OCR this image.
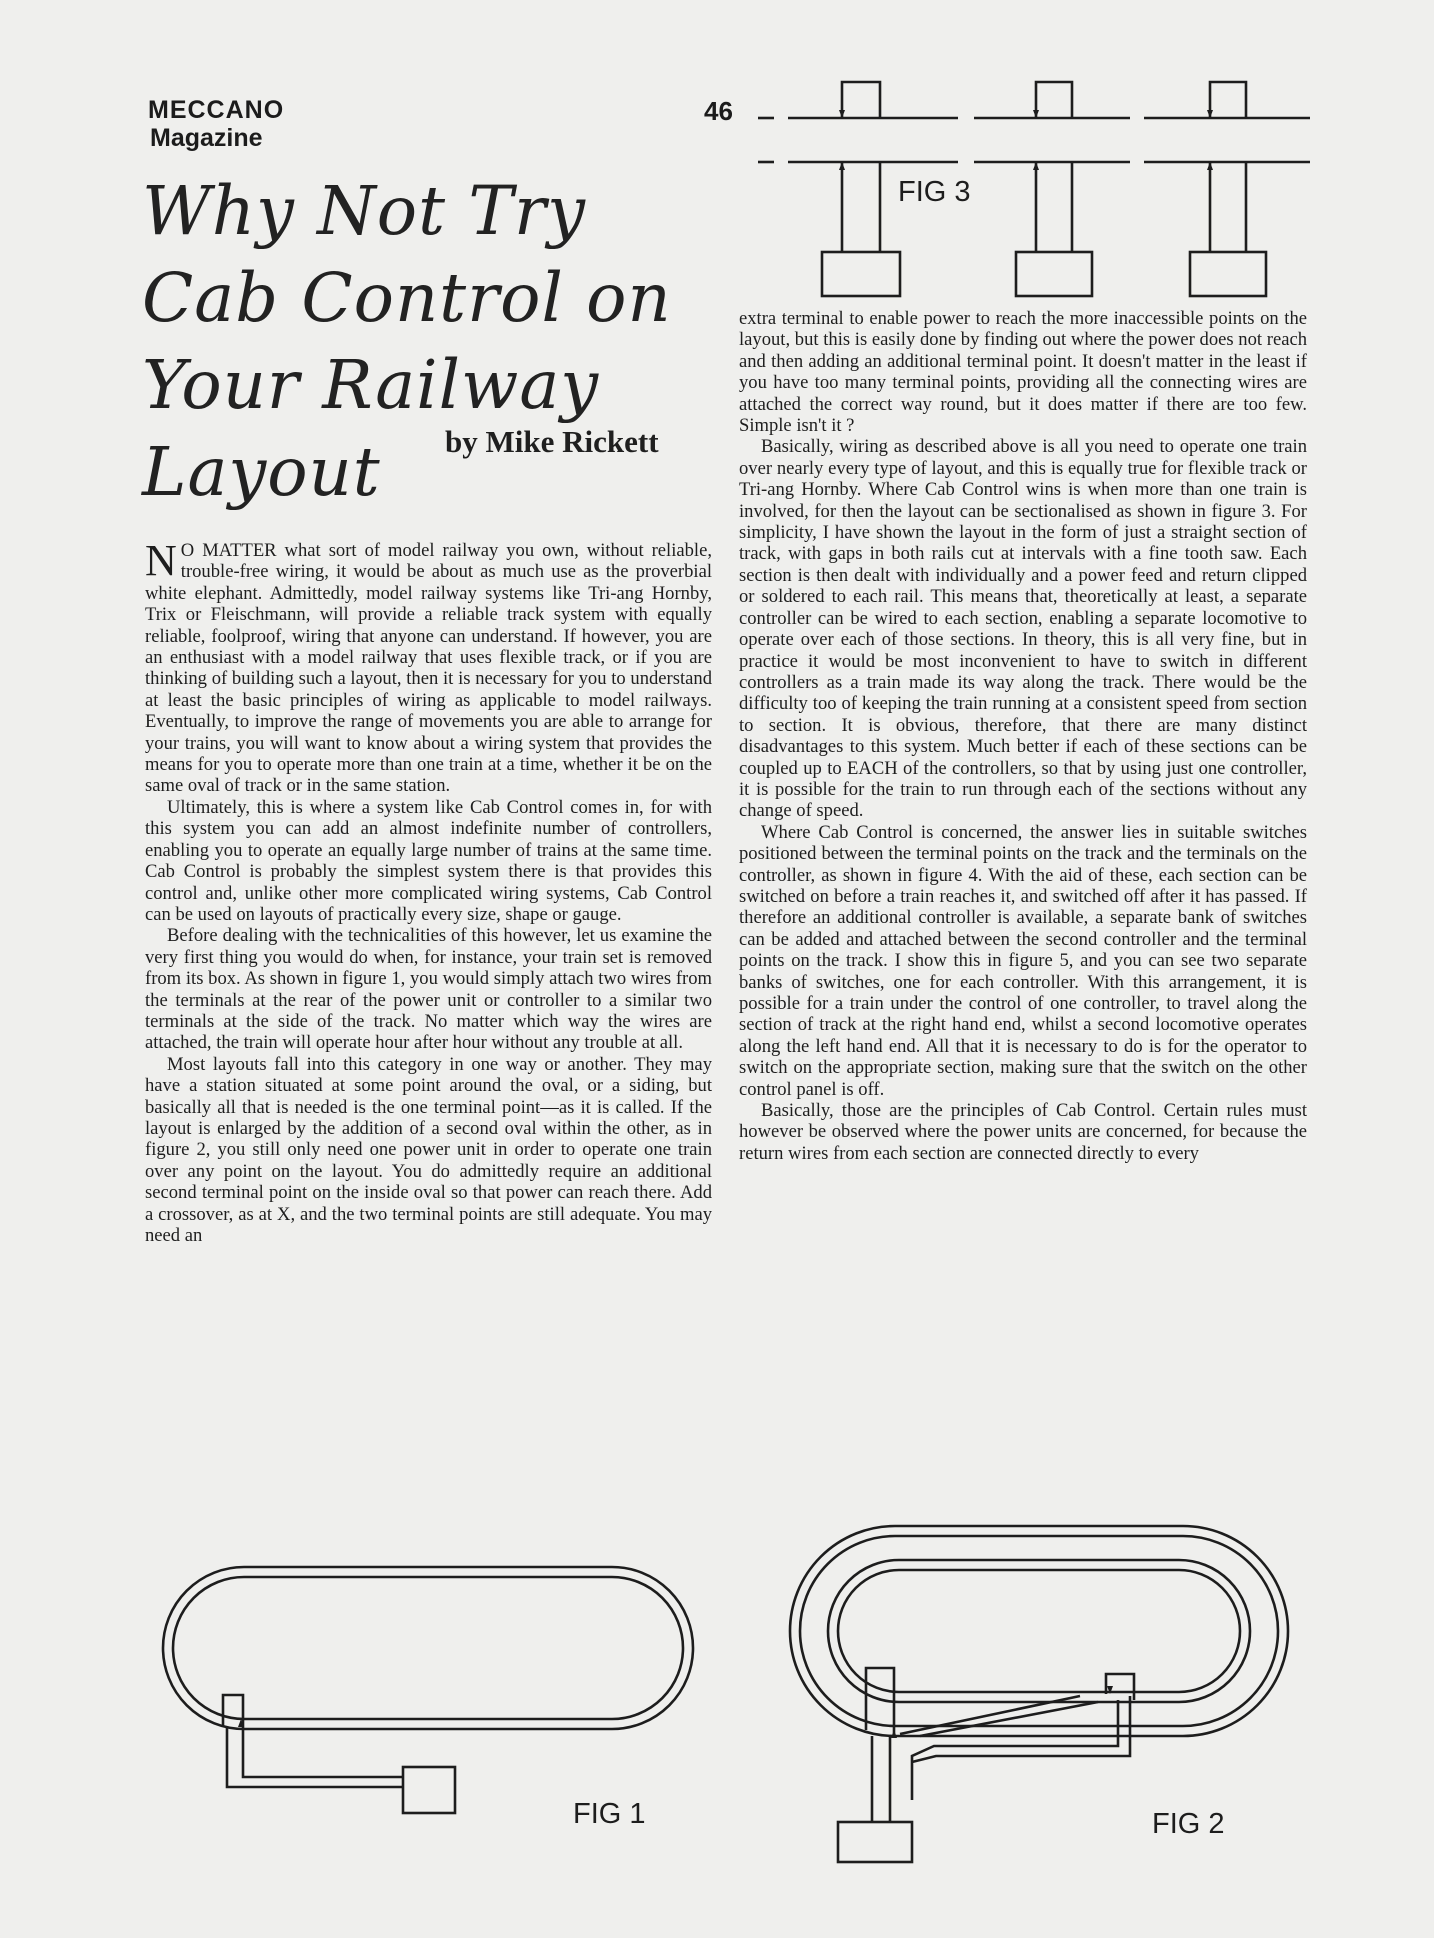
MECCANO
Magazine
46
Why Not Try
Cab Control on
Your Railway
Layout	by Mike Rickett
FIG 3

N O MATTER what sort of model railway you own, without reliable, trouble-free wiring, it would be about as much use as the proverbial white elephant. Admittedly, model railway systems like Tri-ang Hornby, Trix or Fleischmann, will provide a reliable track system with equally reliable, foolproof, wiring that anyone can understand. If however, you are an enthusiast with a model railway that uses flexible track, or if you are thinking of building such a layout, then it is necessary for you to understand at least the basic principles of wiring as applicable to model railways. Eventually, to improve the range of movements you are able to arrange for your trains, you will want to know about a wiring system that provides the means for you to operate more than one train at a time, whether it be on the same oval of track or in the same station.

Ultimately, this is where a system like Cab Control comes in, for with this system you can add an almost indefinite number of controllers, enabling you to operate an equally large number of trains at the same time. Cab Control is probably the simplest system there is that provides this control and, unlike other more complicated wiring systems, Cab Control can be used on layouts of practically every size, shape or gauge.

Before dealing with the technicalities of this however, let us examine the very first thing you would do when, for instance, your train set is removed from its box. As shown in figure 1, you would simply attach two wires from the terminals at the rear of the power unit or controller to a similar two terminals at the side of the track. No matter which way the wires are attached, the train will operate hour after hour without any trouble at all.

Most layouts fall into this category in one way or another. They may have a station situated at some point around the oval, or a siding, but basically all that is needed is the one terminal point—as it is called. If the layout is enlarged by the addition of a second oval within the other, as in figure 2, you still only need one power unit in order to operate one train over any point on the layout. You do admittedly require an additional second terminal point on the inside oval so that power can reach there. Add a crossover, as at X, and the two terminal points are still adequate. You may need an

extra terminal to enable power to reach the more inaccessible points on the layout, but this is easily done by finding out where the power does not reach and then adding an additional terminal point. It doesn't matter in the least if you have too many terminal points, providing all the connecting wires are attached the correct way round, but it does matter if there are too few. Simple isn't it ?

Basically, wiring as described above is all you need to operate one train over nearly every type of layout, and this is equally true for flexible track or Tri-ang Hornby. Where Cab Control wins is when more than one train is involved, for then the layout can be sectionalised as shown in figure 3. For simplicity, I have shown the layout in the form of just a straight section of track, with gaps in both rails cut at intervals with a fine tooth saw. Each section is then dealt with individually and a power feed and return clipped or soldered to each rail. This means that, theoretically at least, a separate controller can be wired to each section, enabling a separate locomotive to operate over each of those sections. In theory, this is all very fine, but in practice it would be most inconvenient to have to switch in different controllers as a train made its way along the track. There would be the difficulty too of keeping the train running at a consistent speed from section to section. It is obvious, therefore, that there are many distinct disadvantages to this system. Much better if each of these sections can be coupled up to EACH of the controllers, so that by using just one controller, it is possible for the train to run through each of the sections without any change of speed.

Where Cab Control is concerned, the answer lies in suitable switches positioned between the terminal points on the track and the terminals on the controller, as shown in figure 4. With the aid of these, each section can be switched on before a train reaches it, and switched off after it has passed. If therefore an additional controller is available, a separate bank of switches can be added and attached between the second controller and the terminal points on the track. I show this in figure 5, and you can see two separate banks of switches, one for each controller. With this arrangement, it is possible for a train under the control of one controller, to travel along the section of track at the right hand end, whilst a second locomotive operates along the left hand end. All that it is necessary to do is for the operator to switch on the appropriate section, making sure that the switch on the other control panel is off.

Basically, those are the principles of Cab Control. Certain rules must however be observed where the power units are concerned, for because the return wires from each section are connected directly to every

FIG 1	FIG 2
